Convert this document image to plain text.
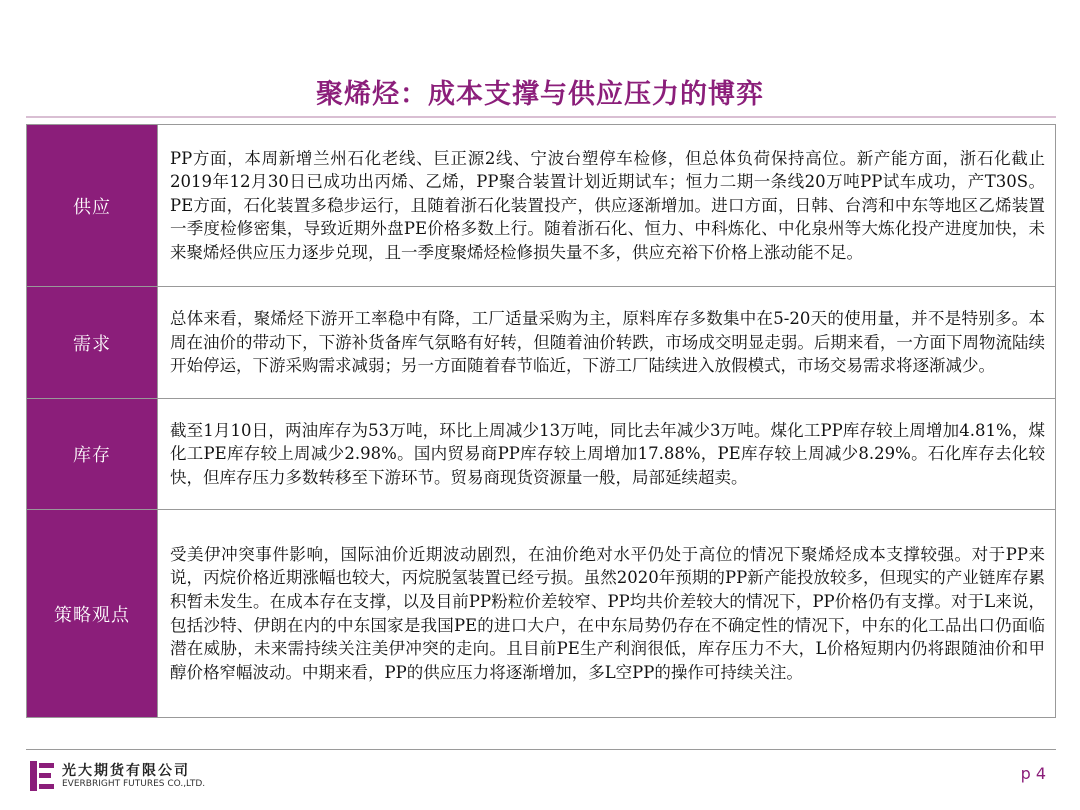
聚烯烃：成本支撑与供应压力的博弈
供应	PP方面，本周新增兰州石化老线、巨正源2线、宁波台塑停车检修，但总体负荷保持高位。新产能方面，浙石化截止2019年12月30日已成功出丙烯、乙烯，PP聚合装置计划近期试车；恒力二期一条线20万吨PP试车成功，产T30S。PE方面，石化装置多稳步运行，且随着浙石化装置投产，供应逐渐增加。进口方面，日韩、台湾和中东等地区乙烯装置一季度检修密集，导致近期外盘PE价格多数上行。随着浙石化、恒力、中科炼化、中化泉州等大炼化投产进度加快，未来聚烯烃供应压力逐步兑现，且一季度聚烯烃检修损失量不多，供应充裕下价格上涨动能不足。
需求	总体来看，聚烯烃下游开工率稳中有降，工厂适量采购为主，原料库存多数集中在5-20天的使用量，并不是特别多。本周在油价的带动下，下游补货备库气氛略有好转，但随着油价转跌，市场成交明显走弱。后期来看，一方面下周物流陆续开始停运，下游采购需求减弱；另一方面随着春节临近，下游工厂陆续进入放假模式，市场交易需求将逐渐减少。
库存	截至1月10日，两油库存为53万吨，环比上周减少13万吨，同比去年减少3万吨。煤化工PP库存较上周增加4.81%，煤化工PE库存较上周减少2.98%。国内贸易商PP库存较上周增加17.88%，PE库存较上周减少8.29%。石化库存去化较快，但库存压力多数转移至下游环节。贸易商现货资源量一般，局部延续超卖。
策略观点	受美伊冲突事件影响，国际油价近期波动剧烈，在油价绝对水平仍处于高位的情况下聚烯烃成本支撑较强。对于PP来说，丙烷价格近期涨幅也较大，丙烷脱氢装置已经亏损。虽然2020年预期的PP新产能投放较多，但现实的产业链库存累积暂未发生。在成本存在支撑，以及目前PP粉粒价差较窄、PP均共价差较大的情况下，PP价格仍有支撑。对于L来说，包括沙特、伊朗在内的中东国家是我国PE的进口大户，在中东局势仍存在不确定性的情况下，中东的化工品出口仍面临潜在威胁，未来需持续关注美伊冲突的走向。且目前PE生产利润很低，库存压力不大，L价格短期内仍将跟随油价和甲醇价格窄幅波动。中期来看，PP的供应压力将逐渐增加，多L空PP的操作可持续关注。
光大期货有限公司
EVERBRIGHT FUTURES CO.,LTD.
p 4
